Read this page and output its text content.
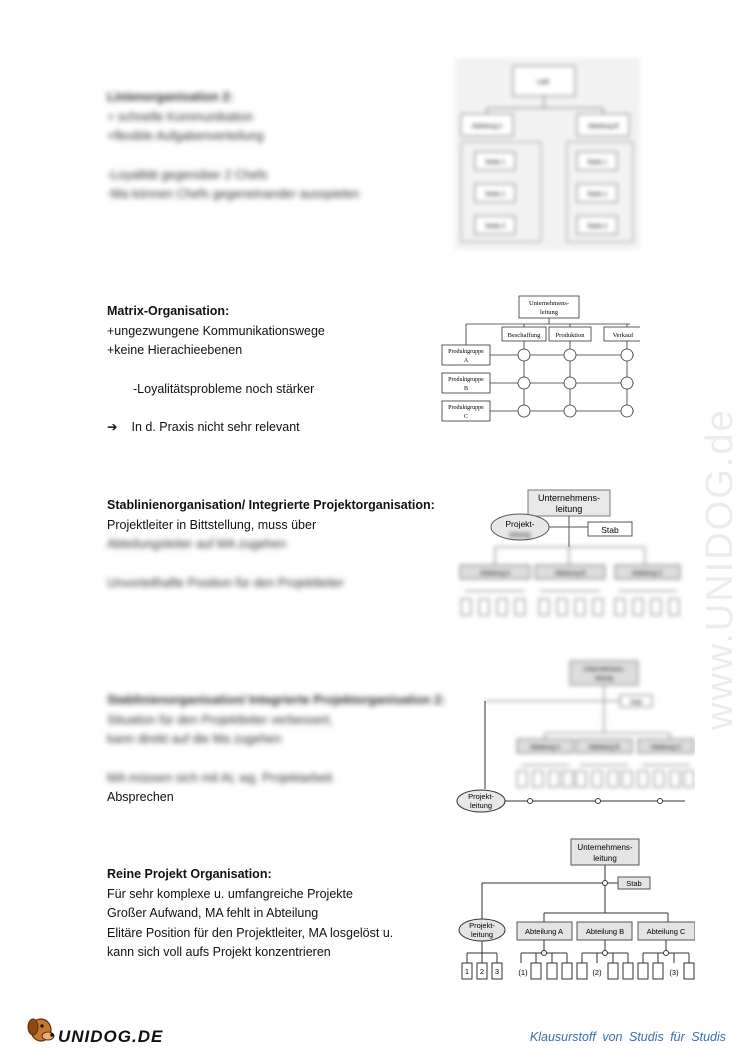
Linienorganisation 2:
+ schnelle Kommunikation
+flexible Aufgabenverteilung
-Loyalität gegenüber 2 Chefs
-Ma können Chefs gegeneinander ausspielen
Leit.
Abteilung A	Abteilung B
Stelle 1
Stelle 2
Stelle 3
Stelle 1
Stelle 2
Stelle 3
Matrix-Organisation:
+ungezwungene Kommunikationswege
+keine Hierachieebenen
-Loyalitätsprobleme noch stärker
➔ In d. Praxis nicht sehr relevant
Unternehmens-
leitung
Beschaffung Produktion	Verkauf
Produktgruppe
A
Produktgruppe
B
Produktgruppe
C
Stablinienorganisation/ Integrierte Projektorganisation:
Projektleiter in Bittstellung, muss über
Abteilungsleiter auf MA zugehen
Unvorteilhafte Position für den Projektleiter
Unternehmens-
leitung
Projekt-
Stab
leitung
Abteilung A	Abteilung B	Abteilung C
Stablinienorganisation/ Integrierte Projektorganisation 2:
Situation für den Projektleiter verbessert,
kann direkt auf die Ma zugehen
MA müssen sich mit AL wg. Projektarbeit
Absprechen
Unternehmens-
leitung
Stab
Abteilung A	Abteilung B	Abteilung C
Projekt-
leitung
Reine Projekt Organisation:
Für sehr komplexe u. umfangreiche Projekte
Großer Aufwand, MA fehlt in Abteilung
Elitäre Position für den Projektleiter, MA losgelöst u.
kann sich voll aufs Projekt konzentrieren
Unternehmens-
leitung
Stab
Projekt-
leitung
1 2 3
Abteilung A	Abteilung B	Abteilung C
(1)	(2)	(3)
www.UNIDOG.de
UNIDOG.DE	Klausurstoff von Studis für Studis
